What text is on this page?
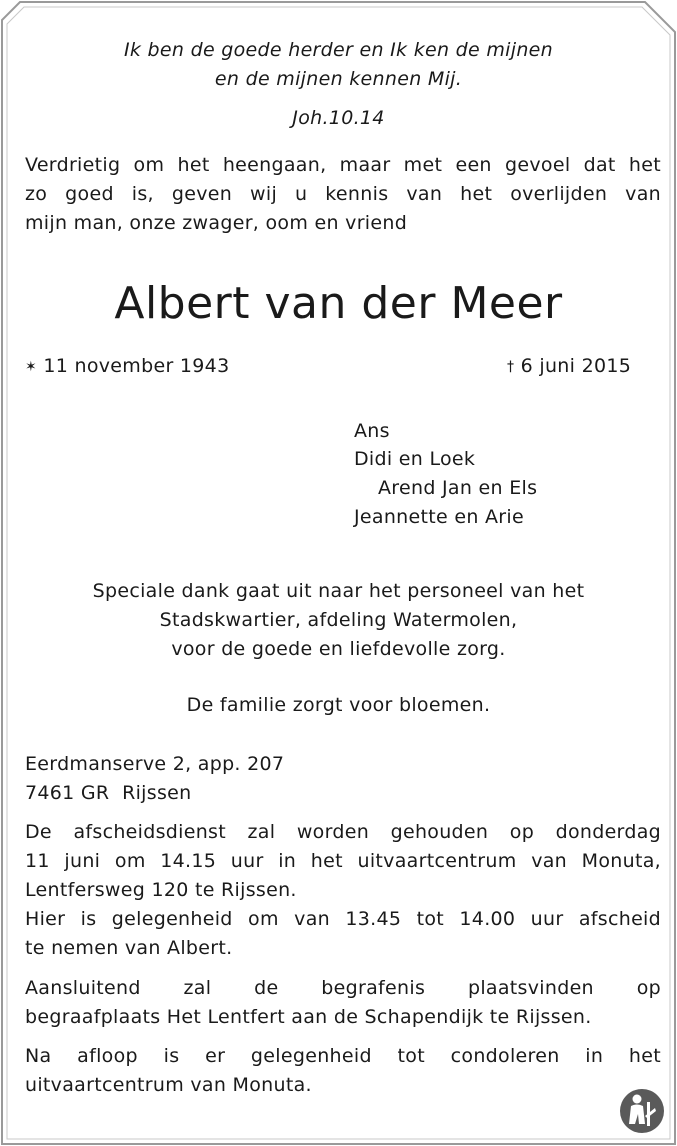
Ik ben de goede herder en Ik ken de mijnen

en de mijnen kennen Mij.

Joh.10.14

Verdrietig om het heengaan, maar met een gevoel dat het
zo goed is, geven wij u kennis van het overlijden van
mijn man, onze zwager, oom en vriend
Albert van der Meer

✶ 11 november 1943	† 6 juni 2015

Ans

Didi en Loek

Arend Jan en Els

Jeannette en Arie

Speciale dank gaat uit naar het personeel van het

Stadskwartier, afdeling Watermolen,

voor de goede en liefdevolle zorg.

De familie zorgt voor bloemen.

Eerdmanserve 2, app. 207

7461 GR  Rijssen

De afscheidsdienst zal worden gehouden op donderdag
11 juni om 14.15 uur in het uitvaartcentrum van Monuta,
Lentfersweg 120 te Rijssen.
Hier is gelegenheid om van 13.45 tot 14.00 uur afscheid
te nemen van Albert.
Aansluitend zal de begrafenis plaatsvinden op
begraafplaats Het Lentfert aan de Schapendijk te Rijssen.
Na afloop is er gelegenheid tot condoleren in het
uitvaartcentrum van Monuta.
